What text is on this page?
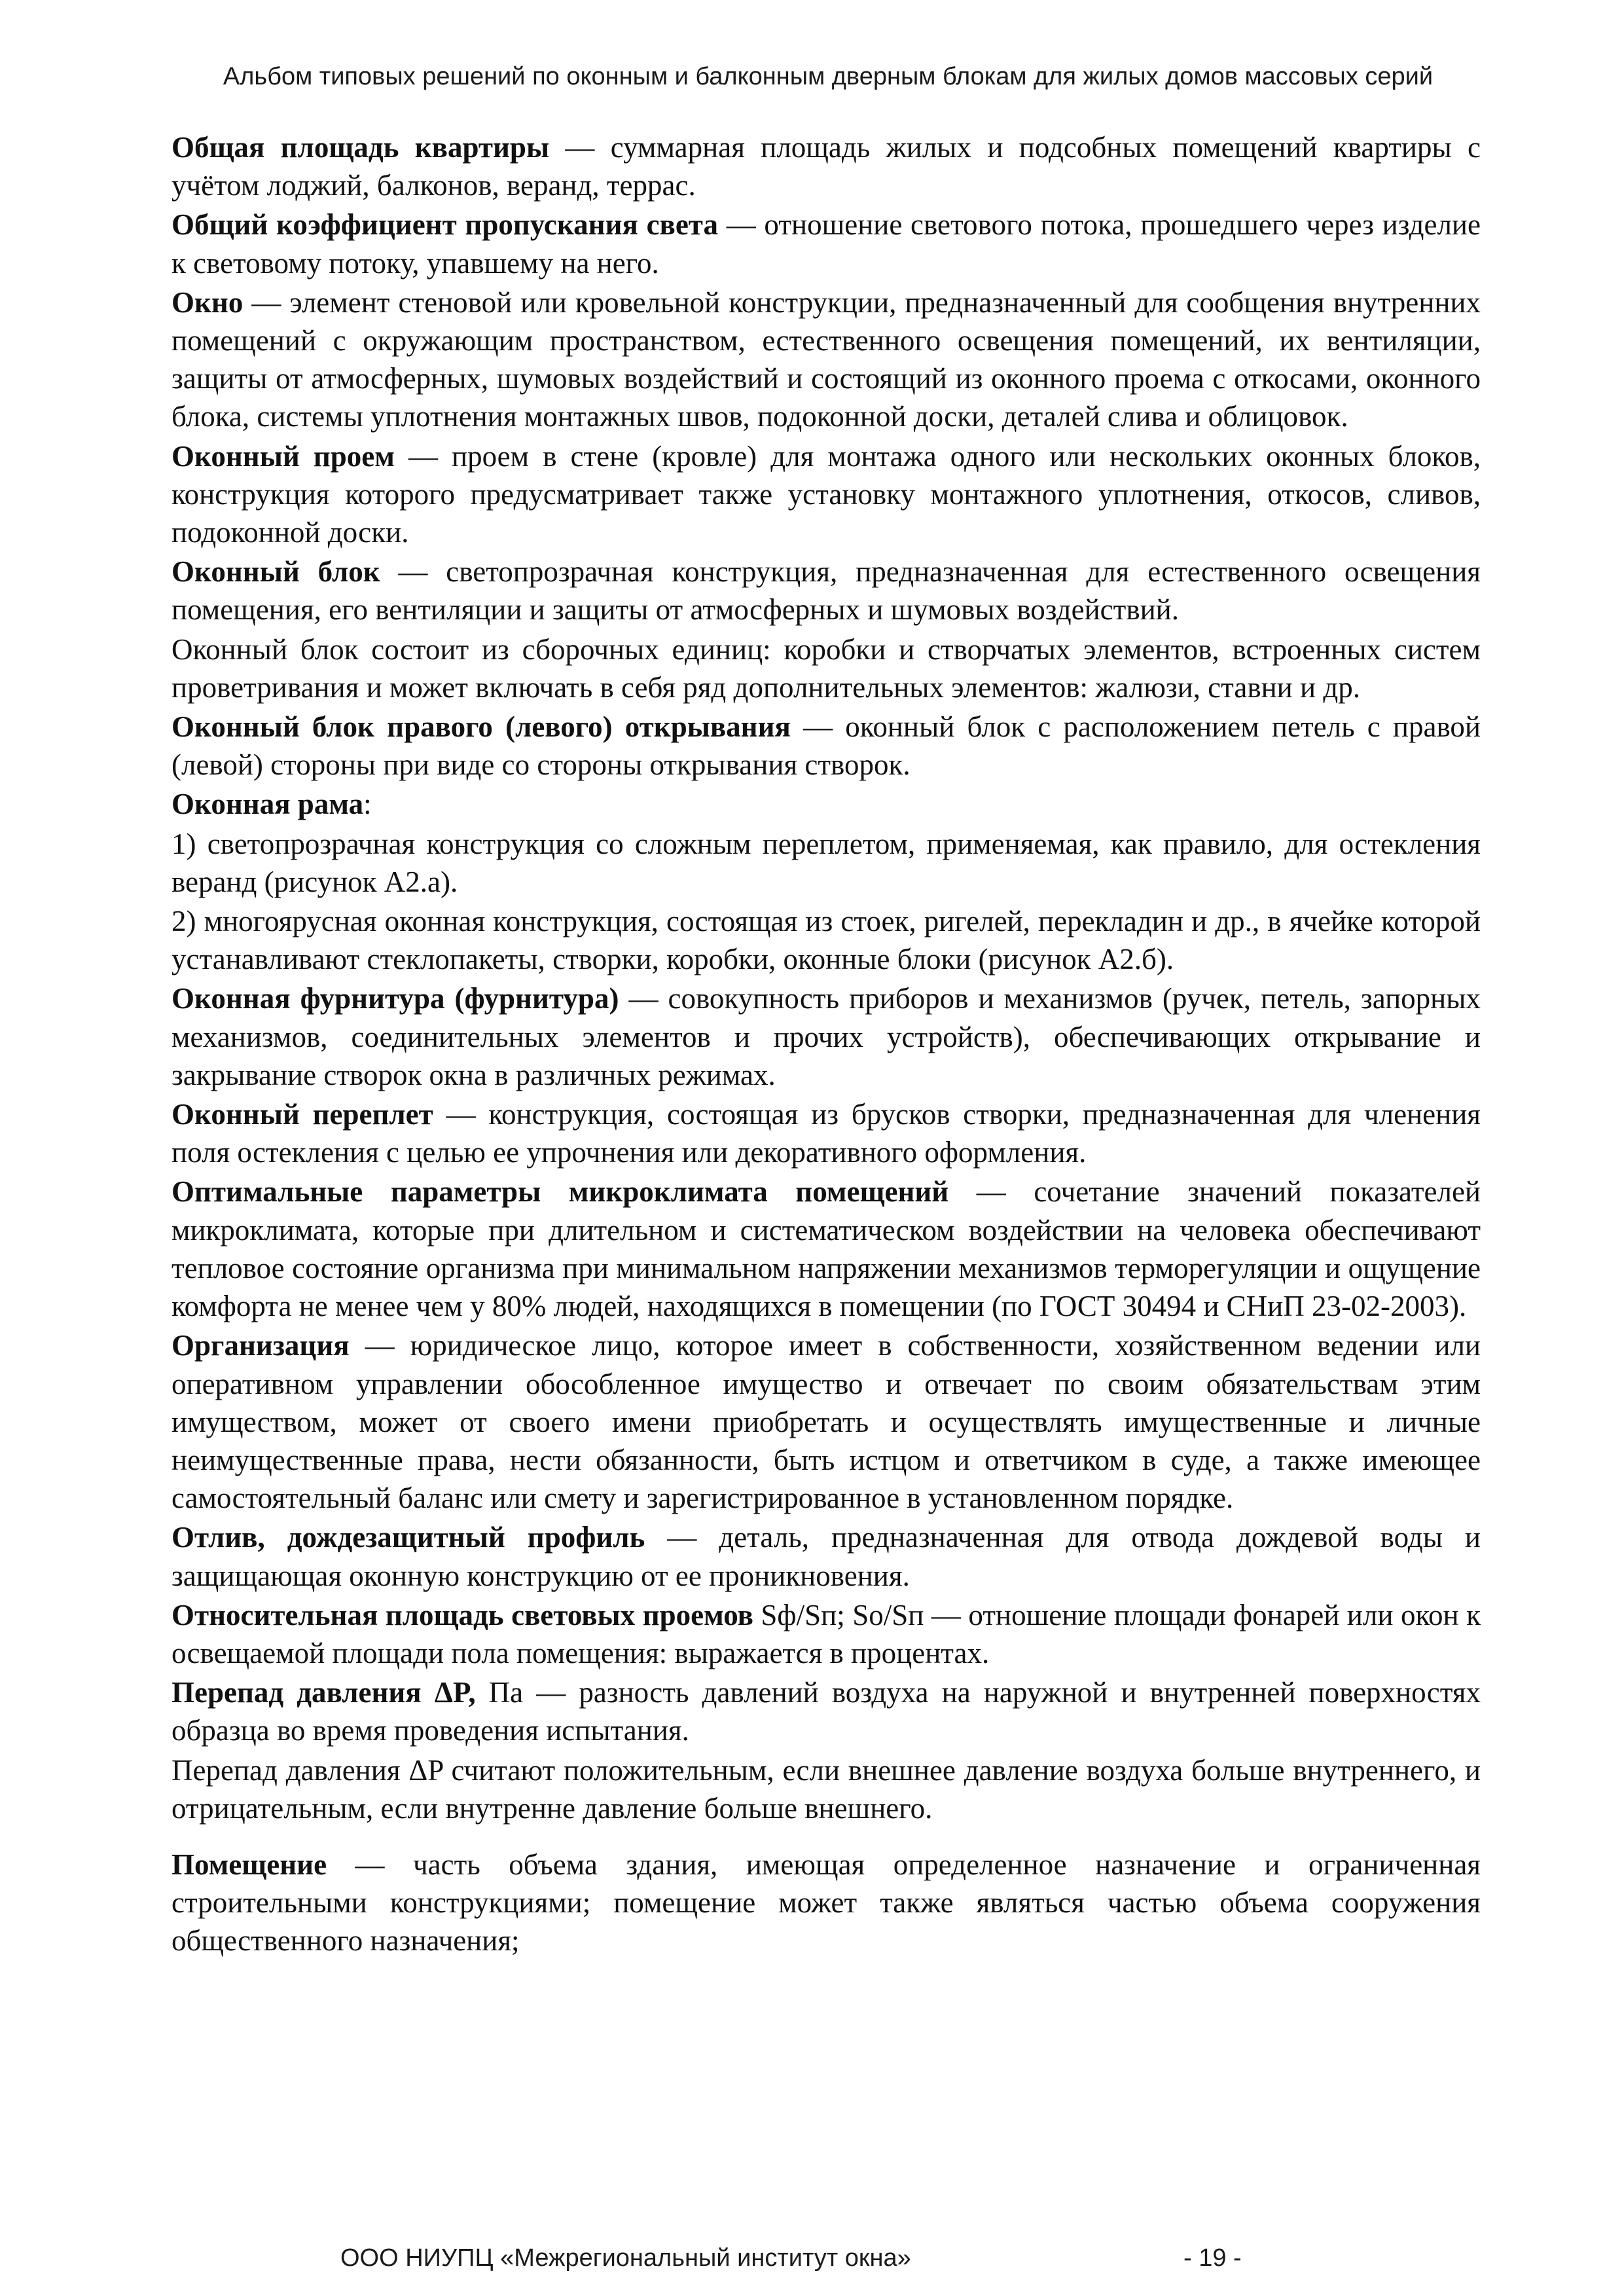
Альбом типовых решений по оконным и балконным дверным блокам для жилых домов массовых серий

Общая площадь квартиры — суммарная площадь жилых и подсобных помещений квартиры с учётом лоджий, балконов, веранд, террас.

Общий коэффициент пропускания света — отношение светового потока, прошедшего через изделие к световому потоку, упавшему на него.

Окно — элемент стеновой или кровельной конструкции, предназначенный для сообщения внутренних помещений с окружающим пространством, естественного освещения помещений, их вентиляции, защиты от атмосферных, шумовых воздействий и состоящий из оконного проема с откосами, оконного блока, системы уплотнения монтажных швов, подоконной доски, деталей слива и облицовок.

Оконный проем — проем в стене (кровле) для монтажа одного или нескольких оконных блоков, конструкция которого предусматривает также установку монтажного уплотнения, откосов, сливов, подоконной доски.

Оконный блок — светопрозрачная конструкция, предназначенная для естественного освещения помещения, его вентиляции и защиты от атмосферных и шумовых воздействий.

Оконный блок состоит из сборочных единиц: коробки и створчатых элементов, встроенных систем проветривания и может включать в себя ряд дополнительных элементов: жалюзи, ставни и др.

Оконный блок правого (левого) открывания — оконный блок с расположением петель с правой (левой) стороны при виде со стороны открывания створок.

Оконная рама:

1) светопрозрачная конструкция со сложным переплетом, применяемая, как правило, для остекления веранд (рисунок А2.а).

2) многоярусная оконная конструкция, состоящая из стоек, ригелей, перекладин и др., в ячейке которой устанавливают стеклопакеты, створки, коробки, оконные блоки (рисунок А2.б).

Оконная фурнитура (фурнитура) — совокупность приборов и механизмов (ручек, петель, запорных механизмов, соединительных элементов и прочих устройств), обеспечивающих открывание и закрывание створок окна в различных режимах.

Оконный переплет — конструкция, состоящая из брусков створки, предназначенная для членения поля остекления с целью ее упрочнения или декоративного оформления.

Оптимальные параметры микроклимата помещений — сочетание значений показателей микроклимата, которые при длительном и систематическом воздействии на человека обеспечивают тепловое состояние организма при минимальном напряжении механизмов терморегуляции и ощущение комфорта не менее чем у 80% людей, находящихся в помещении (по ГОСТ 30494 и СНиП 23-02-2003).

Организация — юридическое лицо, которое имеет в собственности, хозяйственном ведении или оперативном управлении обособленное имущество и отвечает по своим обязательствам этим имуществом, может от своего имени приобретать и осуществлять имущественные и личные неимущественные права, нести обязанности, быть истцом и ответчиком в суде, а также имеющее самостоятельный баланс или смету и зарегистрированное в установленном порядке.

Отлив, дождезащитный профиль — деталь, предназначенная для отвода дождевой воды и защищающая оконную конструкцию от ее проникновения.

Относительная площадь световых проемов Sф/Sп; Sо/Sп — отношение площади фонарей или окон к освещаемой площади пола помещения: выражается в процентах.

Перепад давления ΔP, Па — разность давлений воздуха на наружной и внутренней поверхностях образца во время проведения испытания.

Перепад давления ΔP считают положительным, если внешнее давление воздуха больше внутреннего, и отрицательным, если внутренне давление больше внешнего.

Помещение — часть объема здания, имеющая определенное назначение и ограниченная строительными конструкциями; помещение может также являться частью объема сооружения общественного назначения;

ООО НИУПЦ «Межрегиональный институт окна»	- 19 -
